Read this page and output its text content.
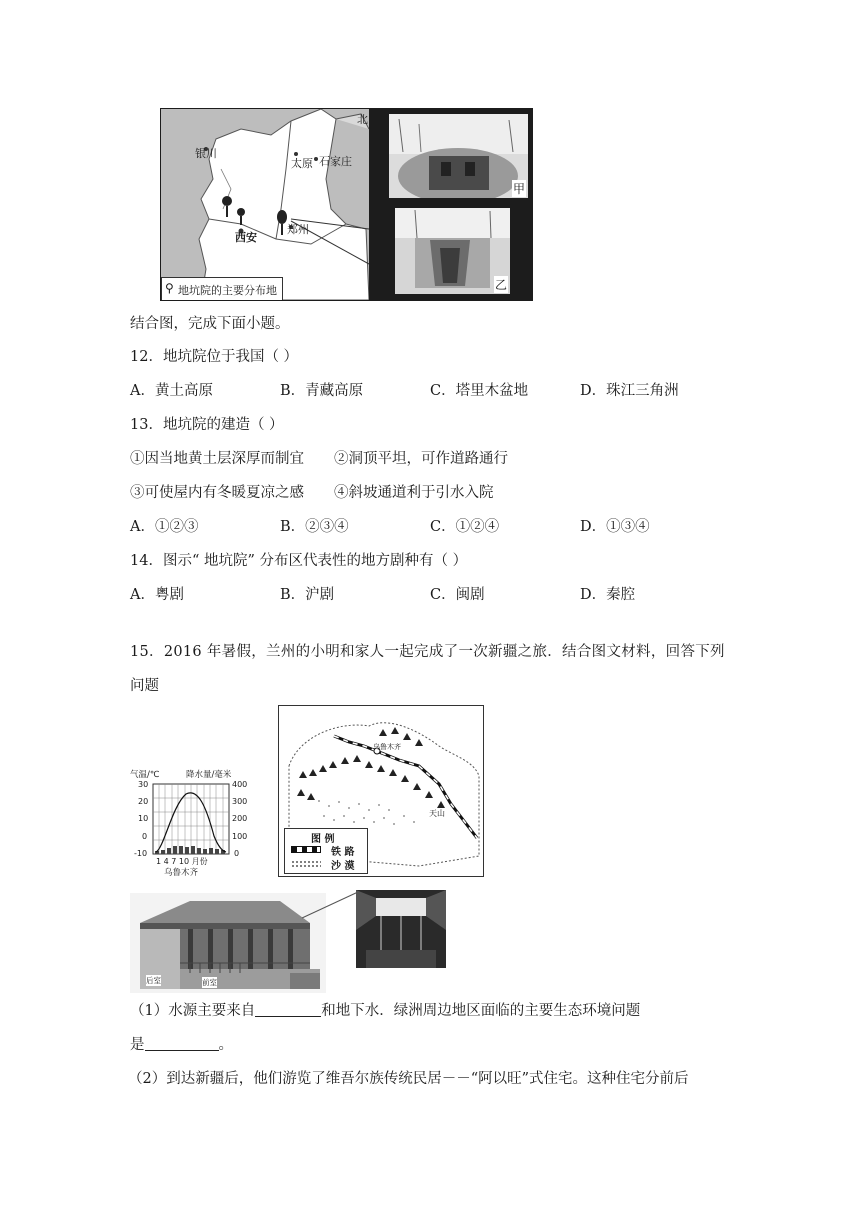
北
银川
太原 石家庄
郑州
西安
⚲ 地坑院的主要分布地
甲
乙
结合图，完成下面小题。
12．地坑院位于我国（ ）
A．黄土高原	B．青藏高原	C．塔里木盆地	D．珠江三角洲
13．地坑院的建造（ ）
①因当地黄土层深厚而制宜 ②洞顶平坦，可作道路通行
③可使屋内有冬暖夏凉之感 ④斜坡通道利于引水入院
A．①②③	B．②③④	C．①②④	D．①③④
14．图示“ 地坑院” 分布区代表性的地方剧种有（ ）
A．粤剧	B．沪剧	C．闽剧	D．秦腔
15．2016 年暑假，兰州的小明和家人一起完成了一次新疆之旅．结合图文材料，回答下列
问题
气温/℃	降水量/毫米
30
20
10
0
-10
400
300
200
100
0
1 4 7 10 月份
乌鲁木齐
乌鲁木齐
天山
图 例
铁 路
沙 漠
后室	前室
（1）水源主要来自	和地下水．绿洲周边地区面临的主要生态环境问题
是	。
（2）到达新疆后，他们游览了维吾尔族传统民居－－“阿以旺”式住宅。这种住宅分前后
